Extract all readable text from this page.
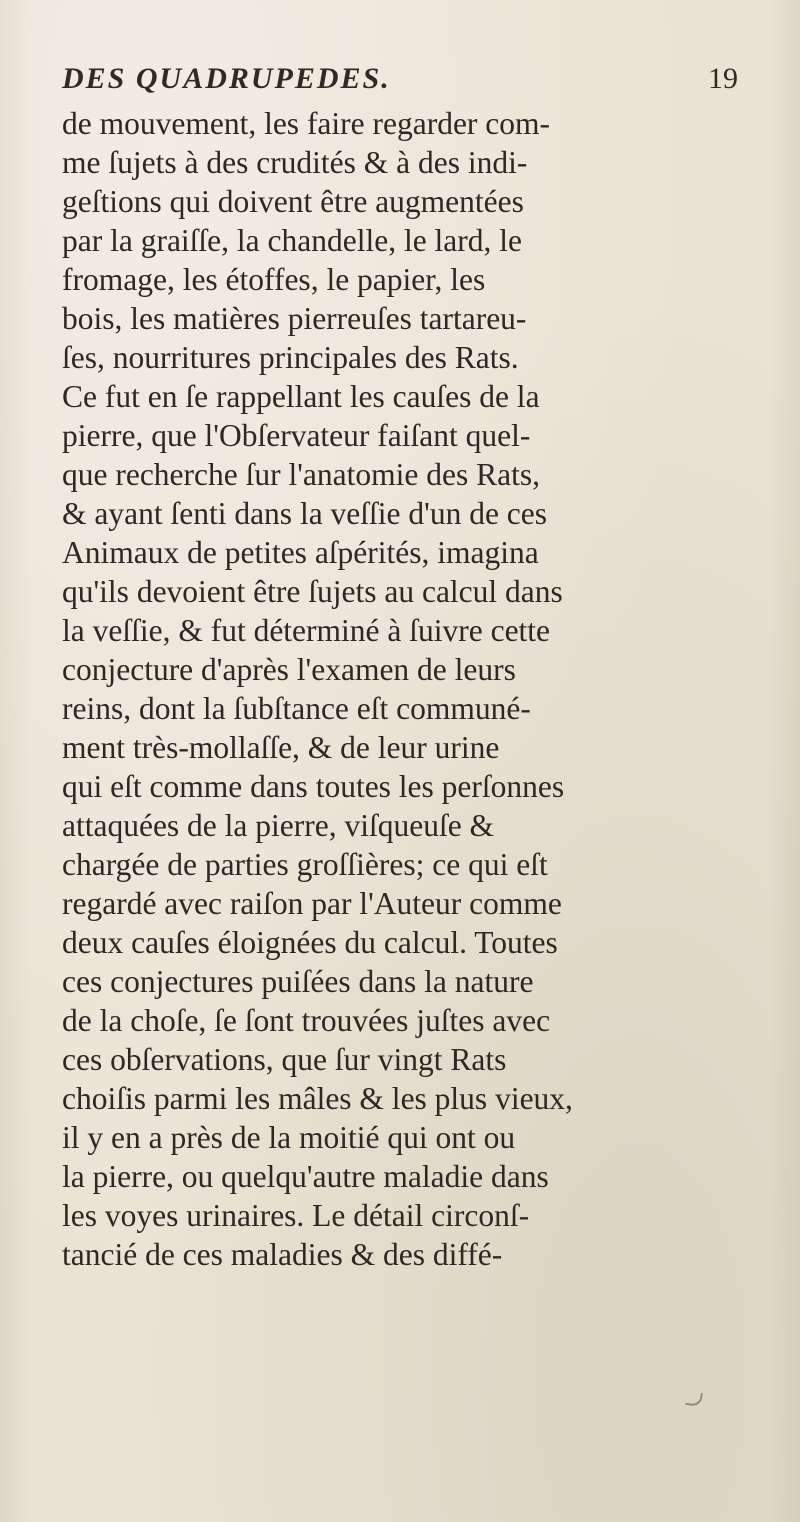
DES QUADRUPEDES.	19
de mouvement, les faire regarder com-
me ſujets à des crudités & à des indi-
geſtions qui doivent être augmentées
par la graiſſe, la chandelle, le lard, le
fromage, les étoffes, le papier, les
bois, les matières pierreuſes tartareu-
ſes, nourritures principales des Rats.
Ce fut en ſe rappellant les cauſes de la
pierre, que l'Obſervateur faiſant quel-
que recherche ſur l'anatomie des Rats,
& ayant ſenti dans la veſſie d'un de ces
Animaux de petites aſpérités, imagina
qu'ils devoient être ſujets au calcul dans
la veſſie, & fut déterminé à ſuivre cette
conjecture d'après l'examen de leurs
reins, dont la ſubſtance eſt communé-
ment très-mollaſſe, & de leur urine
qui eſt comme dans toutes les perſonnes
attaquées de la pierre, viſqueuſe &
chargée de parties groſſières; ce qui eſt
regardé avec raiſon par l'Auteur comme
deux cauſes éloignées du calcul. Toutes
ces conjectures puiſées dans la nature
de la choſe, ſe ſont trouvées juſtes avec
ces obſervations, que ſur vingt Rats
choiſis parmi les mâles & les plus vieux,
il y en a près de la moitié qui ont ou
la pierre, ou quelqu'autre maladie dans
les voyes urinaires. Le détail circonſ-
tancié de ces maladies & des diffé-
